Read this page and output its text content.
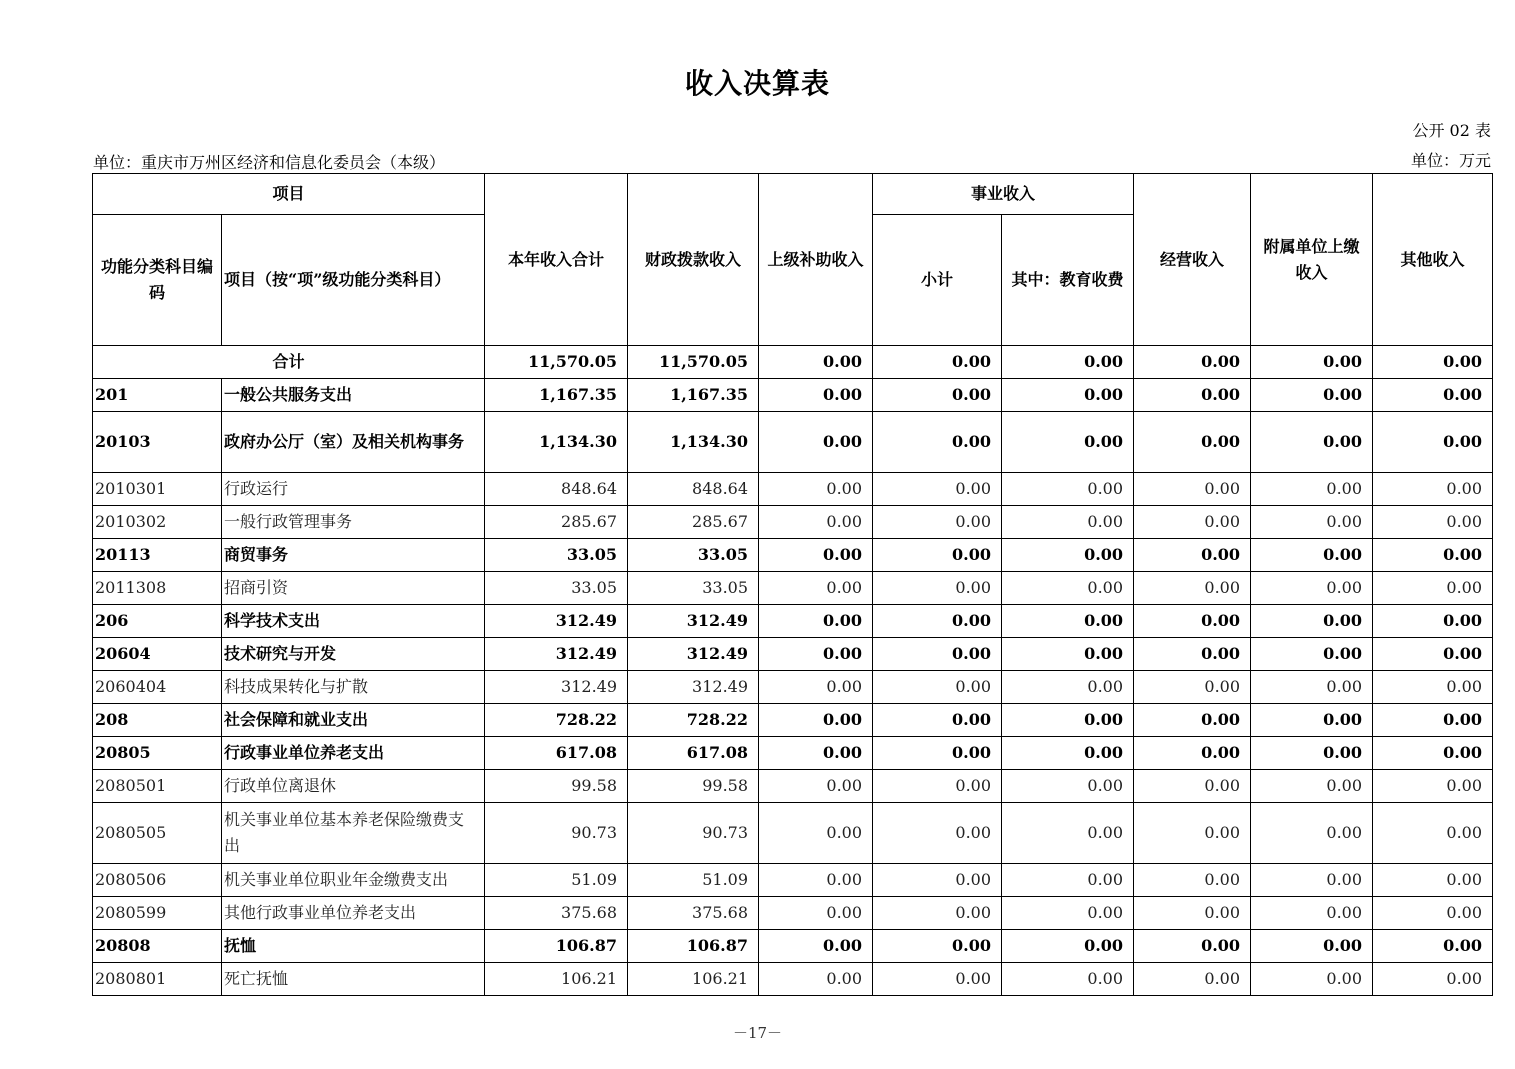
收入决算表
公开 02 表
单位：重庆市万州区经济和信息化委员会（本级）	单位：万元
项目		本年收入合计	财政拨款收入	上级补助收入	事业收入		经营收入	附属单位上缴收入	其他收入
功能分类科目编码	项目（按“项”级功能分类科目）				小计	其中：教育收费			
合计		11,570.05	11,570.05	0.00	0.00	0.00	0.00	0.00	0.00
201	一般公共服务支出	1,167.35	1,167.35	0.00	0.00	0.00	0.00	0.00	0.00
20103	政府办公厅（室）及相关机构事务	1,134.30	1,134.30	0.00	0.00	0.00	0.00	0.00	0.00
2010301	行政运行	848.64	848.64	0.00	0.00	0.00	0.00	0.00	0.00
2010302	一般行政管理事务	285.67	285.67	0.00	0.00	0.00	0.00	0.00	0.00
20113	商贸事务	33.05	33.05	0.00	0.00	0.00	0.00	0.00	0.00
2011308	招商引资	33.05	33.05	0.00	0.00	0.00	0.00	0.00	0.00
206	科学技术支出	312.49	312.49	0.00	0.00	0.00	0.00	0.00	0.00
20604	技术研究与开发	312.49	312.49	0.00	0.00	0.00	0.00	0.00	0.00
2060404	科技成果转化与扩散	312.49	312.49	0.00	0.00	0.00	0.00	0.00	0.00
208	社会保障和就业支出	728.22	728.22	0.00	0.00	0.00	0.00	0.00	0.00
20805	行政事业单位养老支出	617.08	617.08	0.00	0.00	0.00	0.00	0.00	0.00
2080501	行政单位离退休	99.58	99.58	0.00	0.00	0.00	0.00	0.00	0.00
2080505	机关事业单位基本养老保险缴费支出	90.73	90.73	0.00	0.00	0.00	0.00	0.00	0.00
2080506	机关事业单位职业年金缴费支出	51.09	51.09	0.00	0.00	0.00	0.00	0.00	0.00
2080599	其他行政事业单位养老支出	375.68	375.68	0.00	0.00	0.00	0.00	0.00	0.00
20808	抚恤	106.87	106.87	0.00	0.00	0.00	0.00	0.00	0.00
2080801	死亡抚恤	106.21	106.21	0.00	0.00	0.00	0.00	0.00	0.00
－17－
